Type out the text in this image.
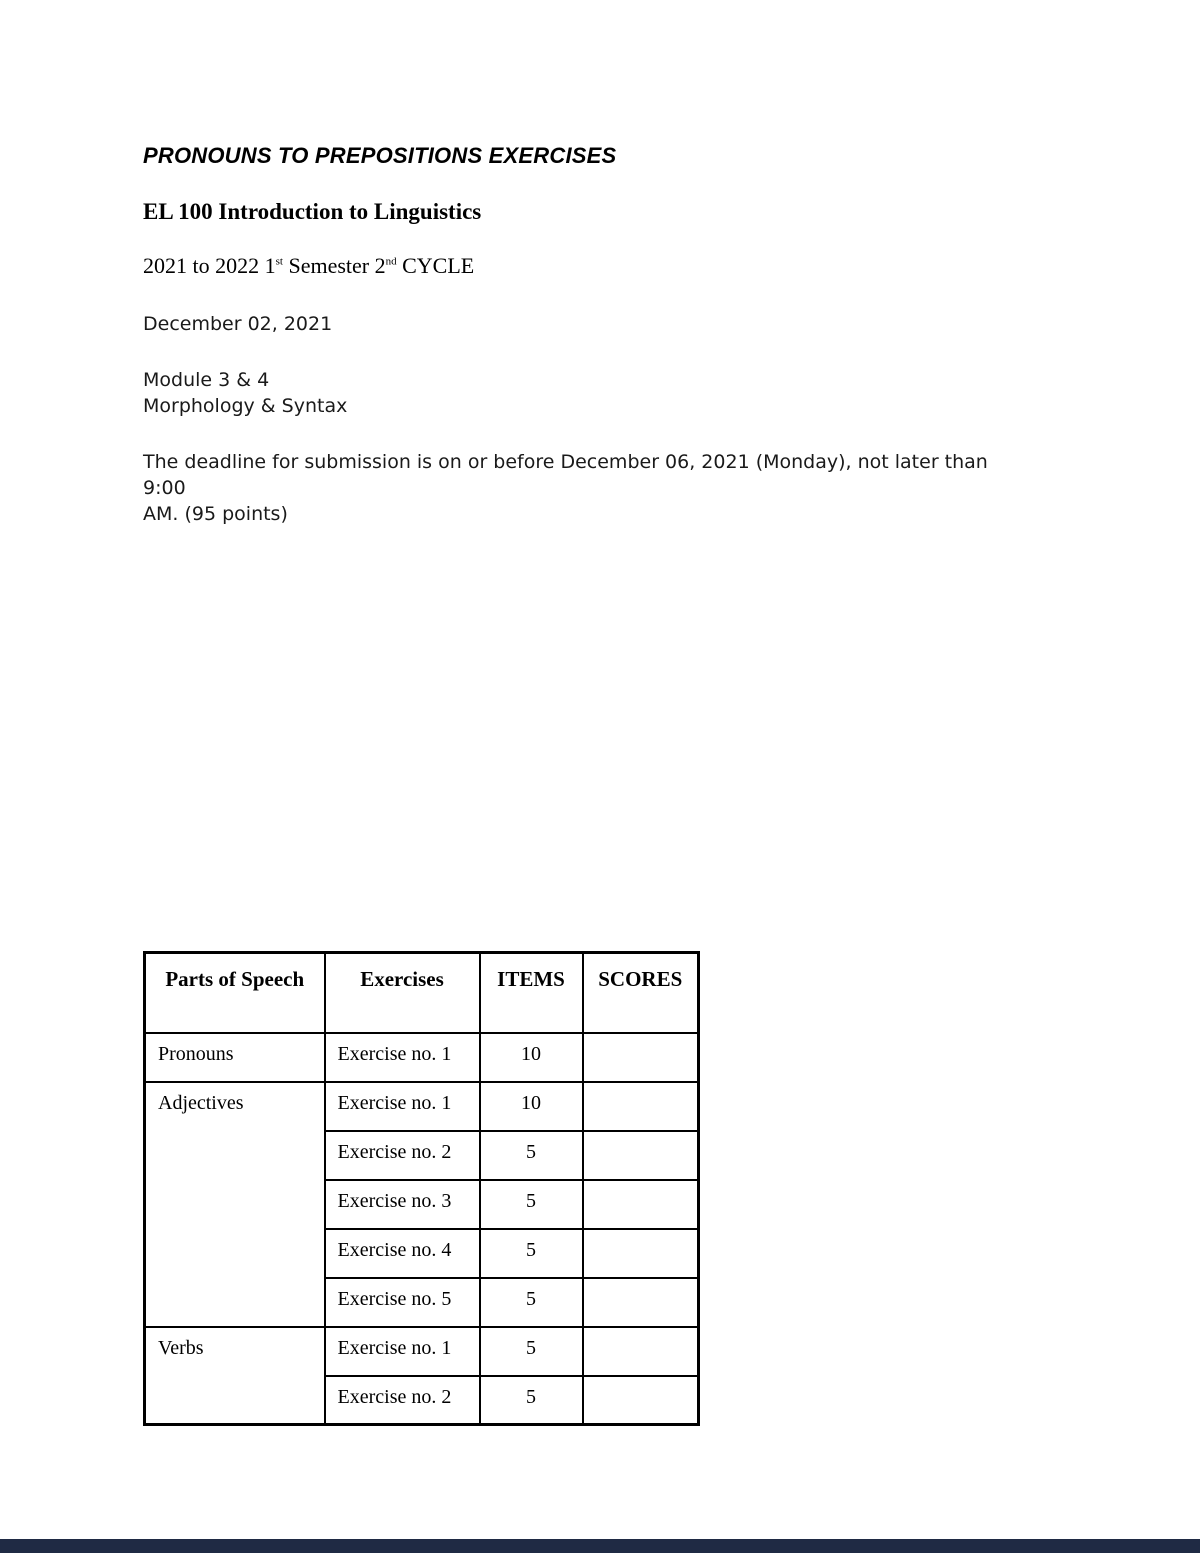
PRONOUNS TO PREPOSITIONS EXERCISES
EL 100 Introduction to Linguistics

2021 to 2022 1st Semester 2nd CYCLE

December 02, 2021

Module 3 & 4
Morphology & Syntax

The deadline for submission is on or before December 06, 2021 (Monday), not later than 9:00
AM. (95 points)

Parts of Speech	Exercises	ITEMS	SCORES
Pronouns	Exercise no. 1	10	
Adjectives	Exercise no. 1	10	
	Exercise no. 2	5	
	Exercise no. 3	5	
	Exercise no. 4	5	
	Exercise no. 5	5	
Verbs	Exercise no. 1	5	
	Exercise no. 2	5	
